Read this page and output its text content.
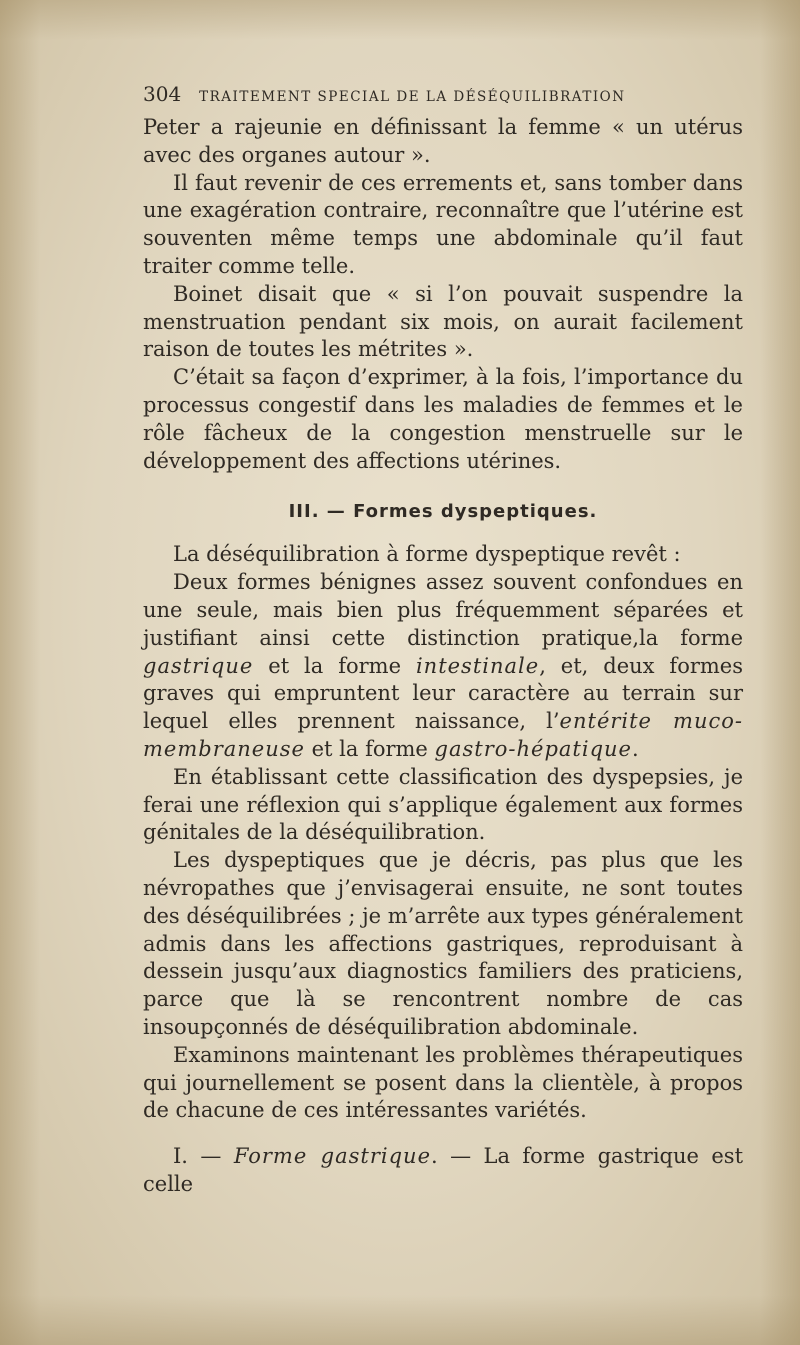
304 TRAITEMENT SPECIAL DE LA DÉSÉQUILIBRATION

Peter a rajeunie en définissant la femme « un utérus avec des organes autour ».

Il faut revenir de ces errements et, sans tomber dans une exagération contraire, reconnaître que l’utérine est souventen même temps une abdominale qu’il faut traiter comme telle.

Boinet disait que « si l’on pouvait suspendre la menstruation pendant six mois, on aurait facilement raison de toutes les métrites ».

C’était sa façon d’exprimer, à la fois, l’importance du processus congestif dans les maladies de femmes et le rôle fâcheux de la congestion menstruelle sur le développement des affections utérines.

III. — Formes dyspeptiques.

La déséquilibration à forme dyspeptique revêt :

Deux formes bénignes assez souvent confondues en une seule, mais bien plus fréquemment séparées et justifiant ainsi cette distinction pratique,la forme gastrique et la forme intestinale, et, deux formes graves qui empruntent leur caractère au terrain sur lequel elles prennent naissance, l’entérite muco-membraneuse et la forme gastro-hépatique.

En établissant cette classification des dyspepsies, je ferai une réflexion qui s’applique également aux formes génitales de la déséquilibration.

Les dyspeptiques que je décris, pas plus que les névropathes que j’envisagerai ensuite, ne sont toutes des déséquilibrées ; je m’arrête aux types généralement admis dans les affections gastriques, reproduisant à dessein jusqu’aux diagnostics familiers des praticiens, parce que là se rencontrent nombre de cas insoupçonnés de déséquilibration abdominale.

Examinons maintenant les problèmes thérapeutiques qui journellement se posent dans la clientèle, à propos de chacune de ces intéressantes variétés.

I. — Forme gastrique. — La forme gastrique est celle
